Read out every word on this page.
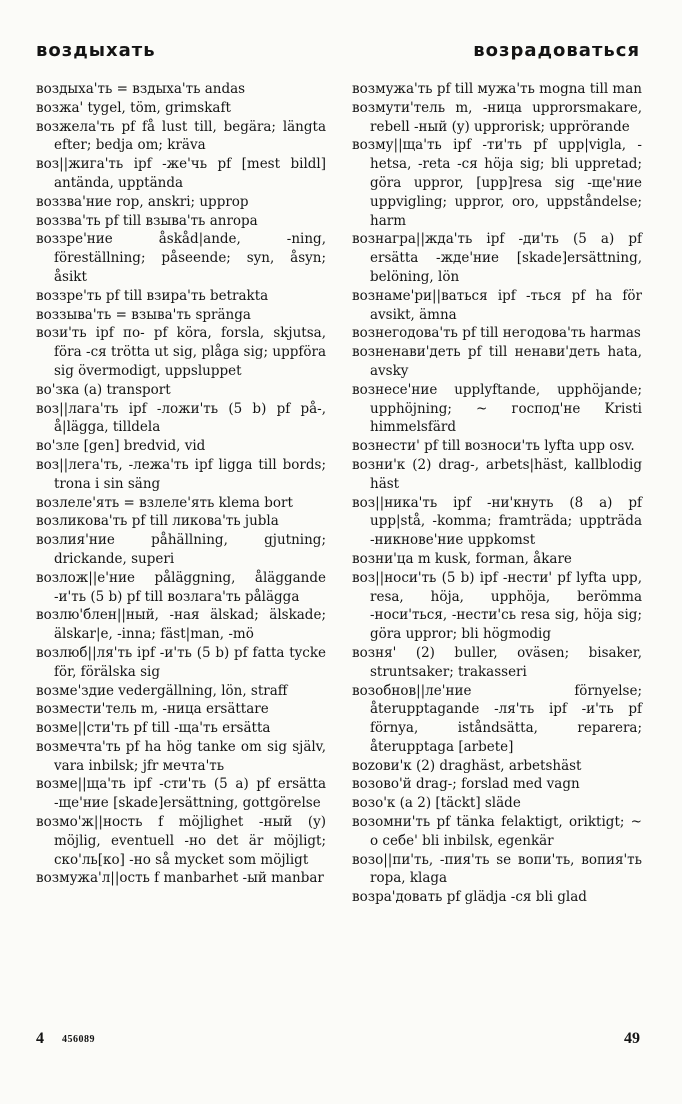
воздыхать	возрадоваться

воздыха'ть = вздыха'ть andas

возжа' tygel, töm, grimskaft

возжела'ть pf få lust till, begära; längta efter; bedja om; kräva

воз||жига'ть ipf -же'чь pf [mest bildl] antända, upptända

воззва'ние rop, anskri; upprop

воззва'ть pf till взыва'ть anropa

воззре'ние åskåd|ande, -ning, föreställning; påseende; syn, åsyn; åsikt

воззре'ть pf till взира'ть betrakta

воззыва'ть = взыва'ть spränga

вози'ть ipf по- pf köra, forsla, skjutsa, föra -ся trötta ut sig, plåga sig; uppföra sig övermodigt, uppsluppet

во'зка (a) transport

воз||лага'ть ipf -ложи'ть (5 b) pf på-, å|lägga, tilldela

во'зле [gen] bredvid, vid

воз||лега'ть, -лежа'ть ipf ligga till bords; trona i sin säng

возлеле'ять = взлеле'ять klema bort

возликова'ть pf till ликова'ть jubla

возлия'ние påhällning, gjutning; drickande, superi

возлож||е'ние påläggning, åläggande -и'ть (5 b) pf till возлага'ть pålägga

возлю'блен||ный, -ная älskad; älskade; älskar|e, -inna; fäst|man, -mö

возлюб||ля'ть ipf -и'ть (5 b) pf fatta tycke för, förälska sig

возме'здие vedergällning, lön, straff

возмести'тель m, -ница ersättare

возме||сти'ть pf till -ща'ть ersätta

возмечта'ть pf ha hög tanke om sig själv, vara inbilsk; jfr мечта'ть

возме||ща'ть ipf -сти'ть (5 a) pf ersätta -ще'ние [skade]ersättning, gottgörelse

возмо'ж||ность f möjlighet -ный (y) möjlig, eventuell -но det är möjligt; ско'ль[ко] -но så mycket som möjligt

возмужа'л||ость f manbarhet -ый manbar

возмужа'ть pf till мужа'ть mogna till man

возмути'тель m, -ница upprorsmakare, rebell -ный (y) upprorisk; upprörande

возму||ща'ть ipf -ти'ть pf upp|vigla, -hetsa, -reta -ся höja sig; bli uppretad; göra uppror, [upp]resa sig -ще'ние uppvigling; uppror, oro, uppståndelse; harm

вознагра||жда'ть ipf -ди'ть (5 a) pf ersätta -жде'ние [skade]ersättning, belöning, lön

вознаме'ри||ваться ipf -ться pf ha för avsikt, ämna

вознегодова'ть pf till негодова'ть harmas

возненави'деть pf till ненави'деть hata, avsky

вознесе'ние upplyftande, upphöjande; upphöjning; ~ господ'не Kristi himmelsfärd

вознести' pf till возноси'ть lyfta upp osv.

возни'к (2) drag-, arbets|häst, kallblodig häst

воз||ника'ть ipf -ни'кнуть (8 a) pf upp|stå, -komma; framträda; uppträda -никнове'ние uppkomst

возни'ца m kusk, forman, åkare

воз||носи'ть (5 b) ipf -нести' pf lyfta upp, resa, höja, upphöja, berömma -носи'ться, -нести'сь resa sig, höja sig; göra uppror; bli högmodig

возня' (2) buller, oväsen; bisaker, struntsaker; trakasseri

возобнов||ле'ние förnyelse; återupptagande -ля'ть ipf -и'ть pf förnya, iståndsätta, reparera; återupptaga [arbete]

вozови'к (2) draghäst, arbetshäst

возово'й drag-; forslad med vagn

возо'к (a 2) [täckt] släde

возомни'ть pf tänka felaktigt, oriktigt; ~ о себе' bli inbilsk, egenkär

возо||пи'ть, -пия'ть se вопи'ть, вопия'ть ropa, klaga

возра'довать pf glädja -ся bli glad

4 456089	49
